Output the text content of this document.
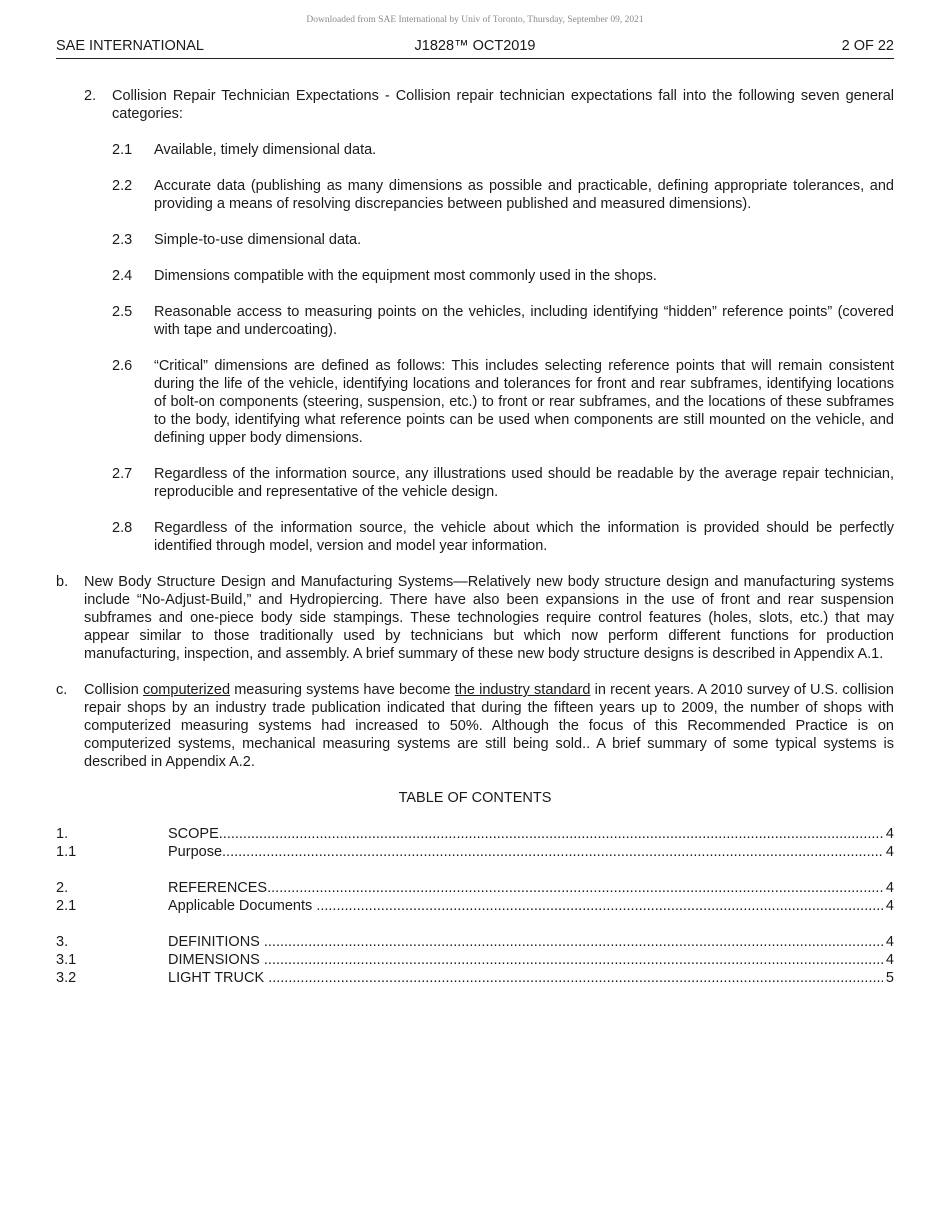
Downloaded from SAE International by Univ of Toronto, Thursday, September 09, 2021
SAE INTERNATIONAL	J1828™ OCT2019	2 OF 22
2.	Collision Repair Technician Expectations - Collision repair technician expectations fall into the following seven general categories:
2.1	Available, timely dimensional data.
2.2	Accurate data (publishing as many dimensions as possible and practicable, defining appropriate tolerances, and providing a means of resolving discrepancies between published and measured dimensions).
2.3	Simple-to-use dimensional data.
2.4	Dimensions compatible with the equipment most commonly used in the shops.
2.5	Reasonable access to measuring points on the vehicles, including identifying “hidden” reference points” (covered with tape and undercoating).
2.6	“Critical” dimensions are defined as follows: This includes selecting reference points that will remain consistent during the life of the vehicle, identifying locations and tolerances for front and rear subframes, identifying locations of bolt-on components (steering, suspension, etc.) to front or rear subframes, and the locations of these subframes to the body, identifying what reference points can be used when components are still mounted on the vehicle, and defining upper body dimensions.
2.7	Regardless of the information source, any illustrations used should be readable by the average repair technician, reproducible and representative of the vehicle design.
2.8	Regardless of the information source, the vehicle about which the information is provided should be perfectly identified through model, version and model year information.
b.	New Body Structure Design and Manufacturing Systems—Relatively new body structure design and manufacturing systems include “No-Adjust-Build,” and Hydropiercing. There have also been expansions in the use of front and rear suspension subframes and one-piece body side stampings. These technologies require control features (holes, slots, etc.) that may appear similar to those traditionally used by technicians but which now perform different functions for production manufacturing, inspection, and assembly. A brief summary of these new body structure designs is described in Appendix A.1.
c.	Collision computerized measuring systems have become the industry standard in recent years. A 2010 survey of U.S. collision repair shops by an industry trade publication indicated that during the fifteen years up to 2009, the number of shops with computerized measuring systems had increased to 50%. Although the focus of this Recommended Practice is on computerized systems, mechanical measuring systems are still being sold.. A brief summary of some typical systems is described in Appendix A.2.
TABLE OF CONTENTS
1.	SCOPE .....	4
1.1	Purpose .....	4
2.	REFERENCES .....	4
2.1	Applicable Documents .....	4
3.	DEFINITIONS .....	4
3.1	DIMENSIONS .....	4
3.2	LIGHT TRUCK .....	5
